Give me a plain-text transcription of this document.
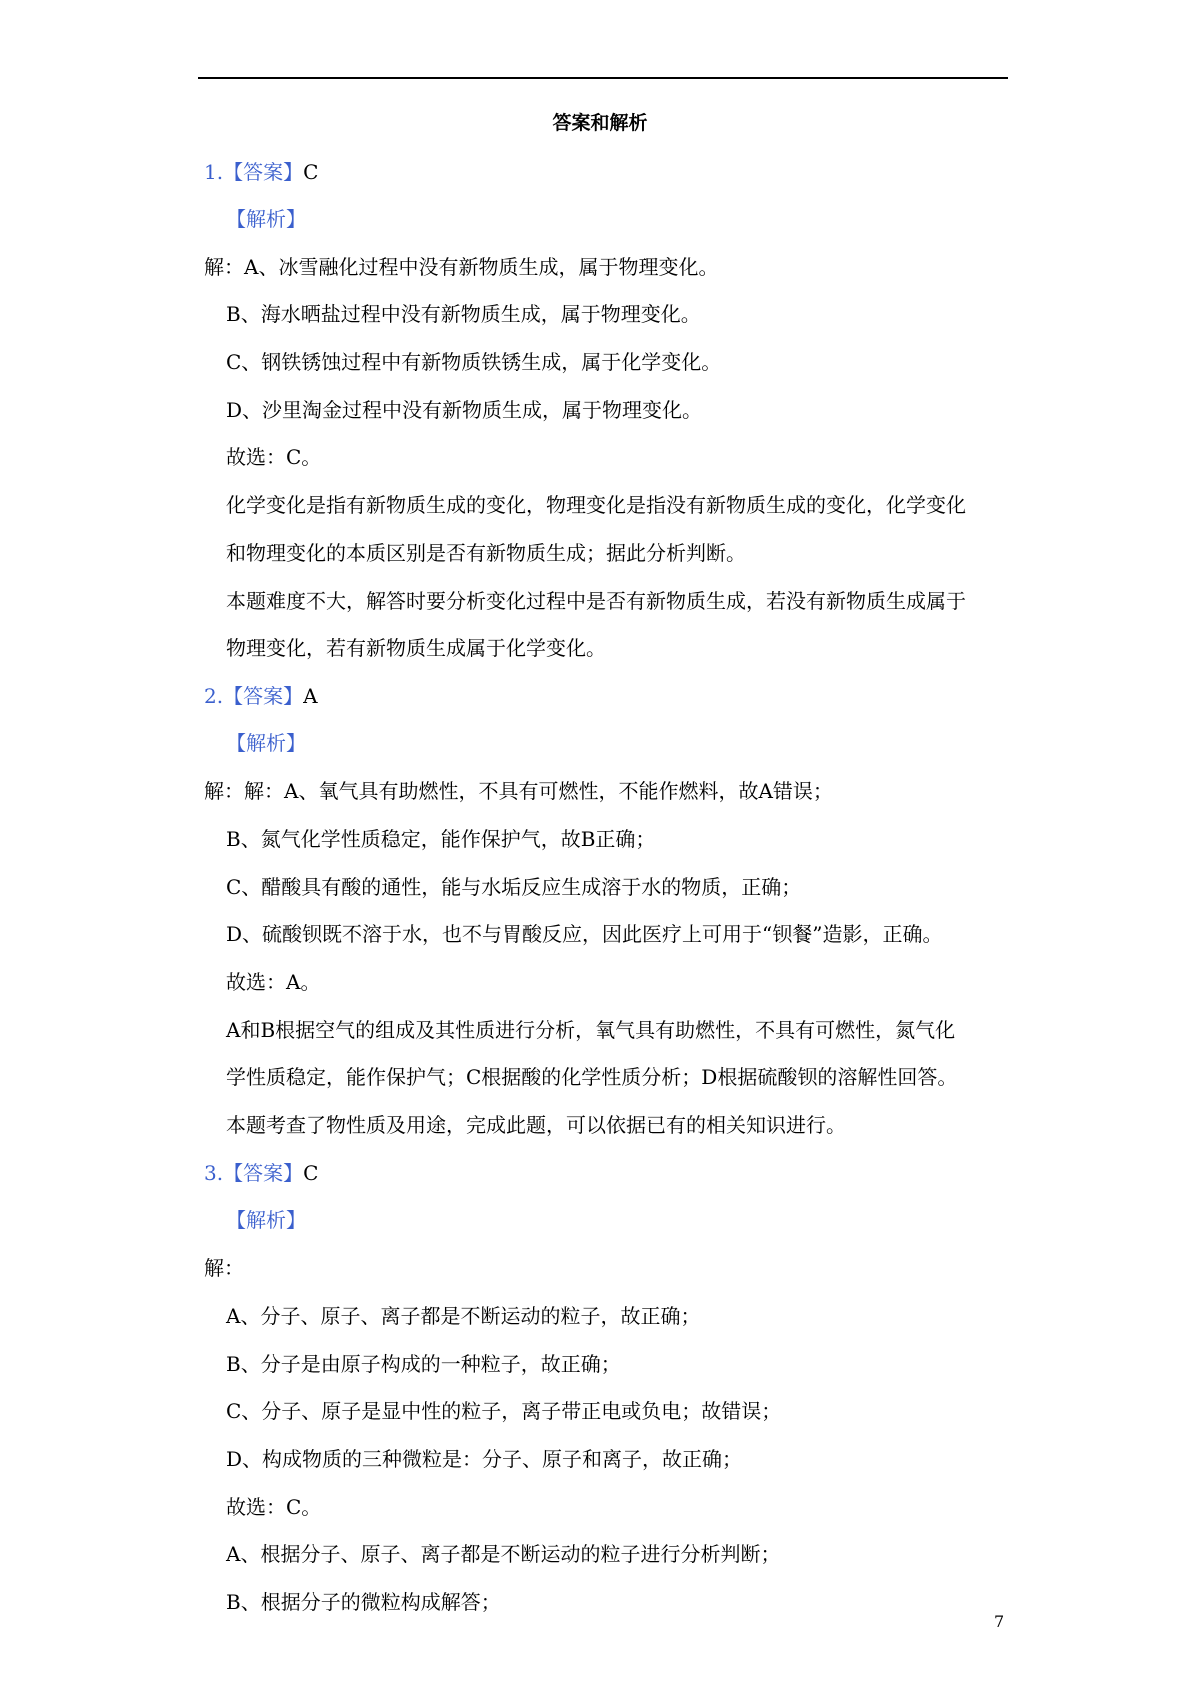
答案和解析
1.【答案】C
【解析】
解：A、冰雪融化过程中没有新物质生成，属于物理变化。
B、海水晒盐过程中没有新物质生成，属于物理变化。
C、钢铁锈蚀过程中有新物质铁锈生成，属于化学变化。
D、沙里淘金过程中没有新物质生成，属于物理变化。
故选：C。
化学变化是指有新物质生成的变化，物理变化是指没有新物质生成的变化，化学变化
和物理变化的本质区别是否有新物质生成；据此分析判断。
本题难度不大，解答时要分析变化过程中是否有新物质生成，若没有新物质生成属于
物理变化，若有新物质生成属于化学变化。
2.【答案】A
【解析】
解：解：A、氧气具有助燃性，不具有可燃性，不能作燃料，故A错误；
B、氮气化学性质稳定，能作保护气，故B正确；
C、醋酸具有酸的通性，能与水垢反应生成溶于水的物质，正确；
D、硫酸钡既不溶于水，也不与胃酸反应，因此医疗上可用于“钡餐”造影，正确。
故选：A。
A和B根据空气的组成及其性质进行分析，氧气具有助燃性，不具有可燃性，氮气化
学性质稳定，能作保护气；C根据酸的化学性质分析；D根据硫酸钡的溶解性回答。
本题考查了物性质及用途，完成此题，可以依据已有的相关知识进行。
3.【答案】C
【解析】
解：
A、分子、原子、离子都是不断运动的粒子，故正确；
B、分子是由原子构成的一种粒子，故正确；
C、分子、原子是显中性的粒子，离子带正电或负电；故错误；
D、构成物质的三种微粒是：分子、原子和离子，故正确；
故选：C。
A、根据分子、原子、离子都是不断运动的粒子进行分析判断；
B、根据分子的微粒构成解答；
7
